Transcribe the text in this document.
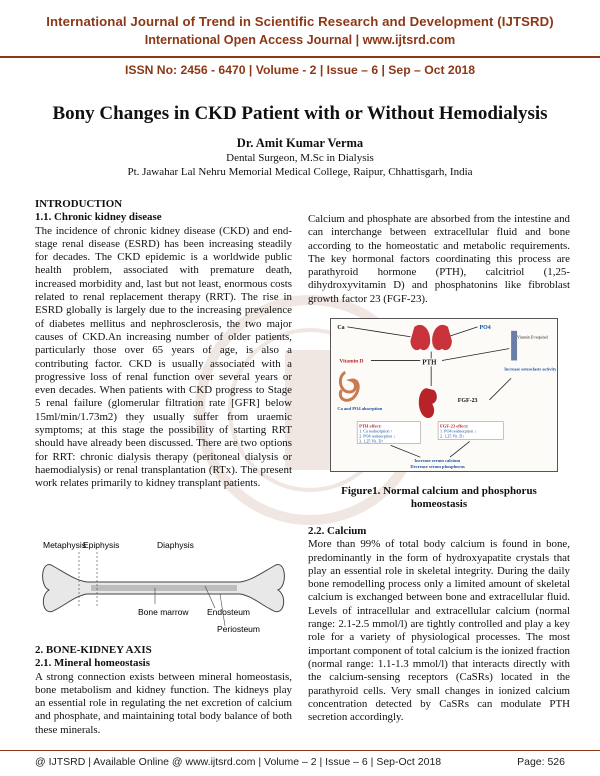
International Journal of Trend in Scientific Research and Development (IJTSRD)
International Open Access Journal | www.ijtsrd.com
ISSN No: 2456 - 6470 | Volume - 2 | Issue – 6 | Sep – Oct 2018
Bony Changes in CKD Patient with or Without Hemodialysis
Dr. Amit Kumar Verma
Dental Surgeon, M.Sc in Dialysis
Pt. Jawahar Lal Nehru Memorial Medical College, Raipur, Chhattisgarh, India

INTRODUCTION

1.1. Chronic kidney disease

The incidence of chronic kidney disease (CKD) and end-stage renal disease (ESRD) has been increasing steadily for decades. The CKD epidemic is a worldwide public health problem, associated with premature death, increased morbidity and, last but not least, enormous costs related to renal replacement therapy (RRT). The rise in ESRD globally is largely due to the increasing prevalence of diabetes mellitus and nephrosclerosis, the two major causes of CKD.An increasing number of older patients, particularly those over 65 years of age, is also a contributing factor. CKD is usually associated with a progressive loss of renal function over several years or even decades. When patients with CKD progress to Stage 5 renal failure (glomerular filtration rate [GFR] below 15ml/min/1.73m2) they usually suffer from uraemic symptoms; at this stage the possibility of starting RRT should have already been discussed. There are two options for RRT: chronic dialysis therapy (peritoneal dialysis or haemodialysis) or renal transplantation (RTx). The present work relates primarily to kidney transplant patients.

Metaphysis
Epiphysis	Diaphysis
Bone marrow Endosteum
Periosteum

2. BONE-KIDNEY AXIS

2.1. Mineral homeostasis

A strong connection exists between mineral homeostasis, bone metabolism and kidney function. The kidneys play an essential role in regulating the net excretion of calcium and phosphate, and maintaining total body balance of both these minerals.

Calcium and phosphate are absorbed from the intestine and can interchange between extracellular fluid and bone according to the homeostatic and metabolic requirements. The key hormonal factors coordinating this process are parathyroid hormone (PTH), calcitriol (1,25-dihydroxyvitamin D) and phosphatonins like fibroblast growth factor 23 (FGF-23).

Ca	PO4
PTH
Vitamin D
Vitamin D required
Increase osteoclasts activity
Ca and PO4 absorption
FGF-23
PTH effect:
1. Ca reabsorption ↑
2. PO4 reabsorption ↓
3. 1,25 Vit. D↑
FGF-23 effect:
1. PO4 reabsorption ↓
2. 1,25 Vit. D↓
Increase serum calcium
Decrease serum phosphorus
Figure1. Normal calcium and phosphorus
homeostasis

2.2. Calcium

More than 99% of total body calcium is found in bone, predominantly in the form of hydroxyapatite crystals that play an essential role in skeletal integrity. During the daily bone remodelling process only a limited amount of skeletal calcium is exchanged between bone and extracellular fluid. Levels of intracellular and extracellular calcium (normal range: 2.1-2.5 mmol/l) are tightly controlled and play a key role for a variety of physiological processes. The most important component of total calcium is the ionized fraction (normal range: 1.1-1.3 mmol/l) that interacts directly with the calcium-sensing receptors (CaSRs) located in the parathyroid cells. Very small changes in ionized calcium concentration detected by CaSRs can modulate PTH secretion accordingly.

@ IJTSRD | Available Online @ www.ijtsrd.com | Volume – 2 | Issue – 6 | Sep-Oct 2018	Page: 526
